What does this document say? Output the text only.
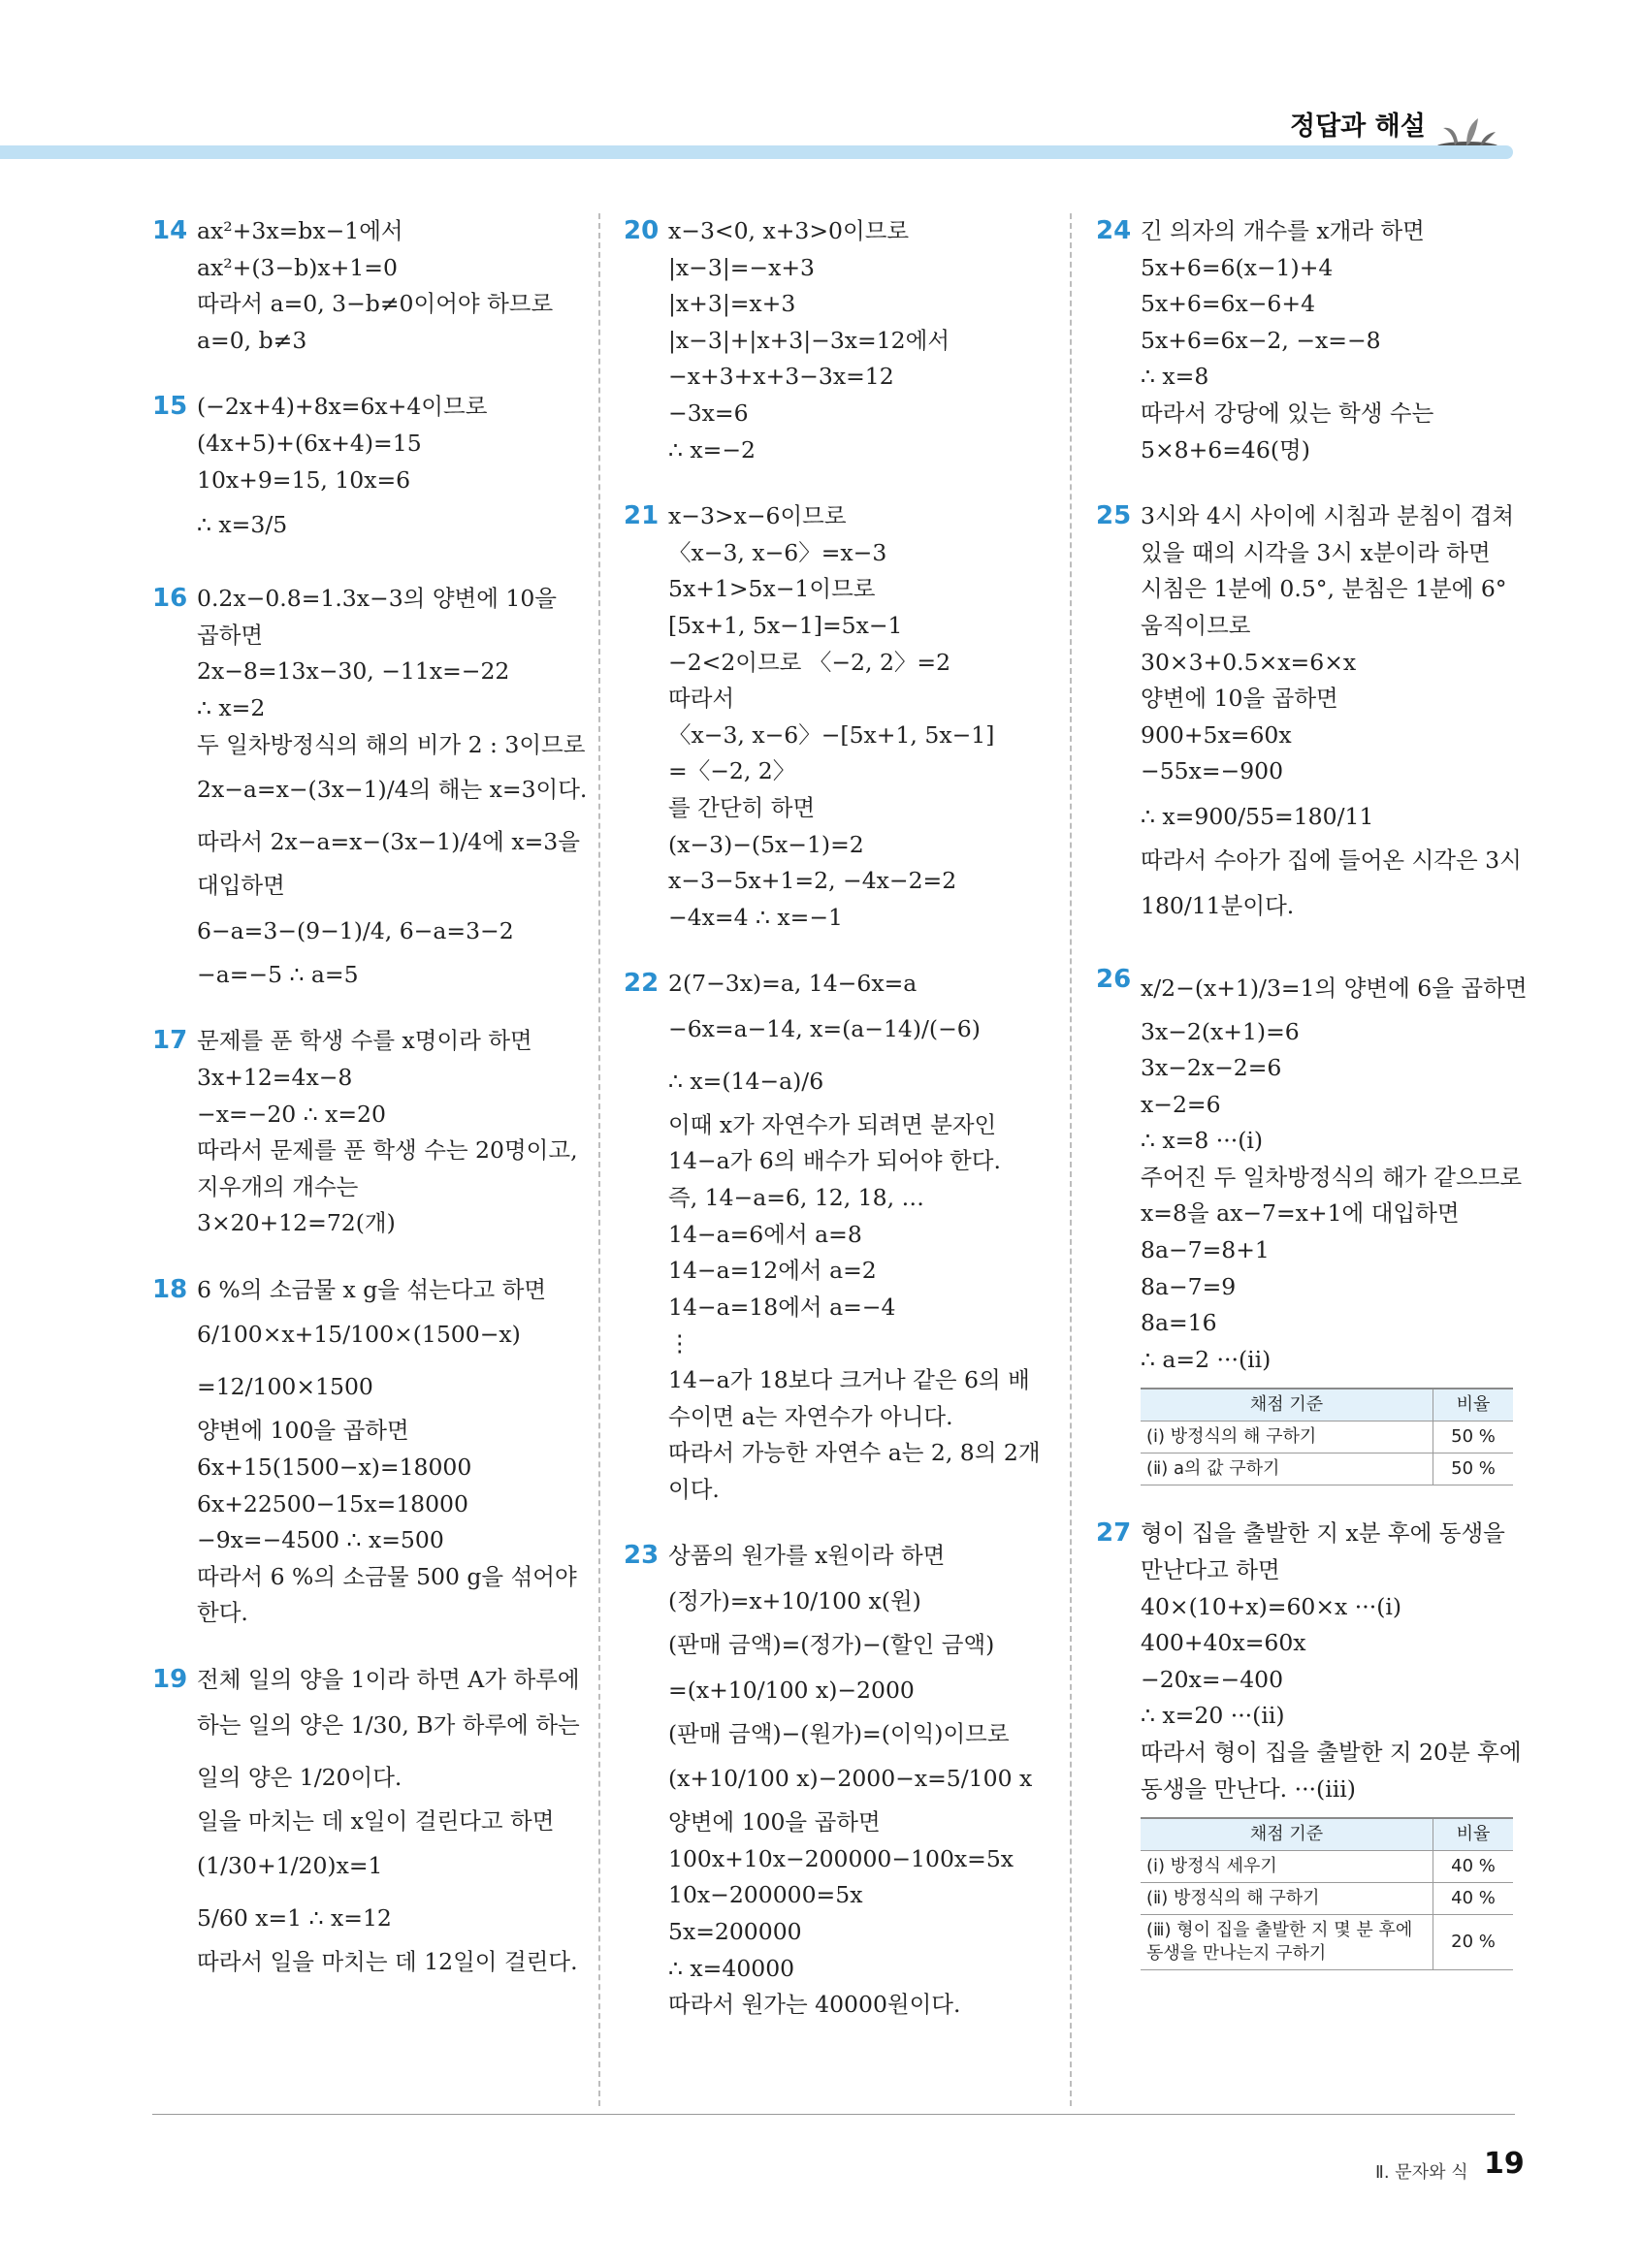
정답과 해설
14 ax²+3x=bx−1에서
ax²+(3−b)x+1=0
따라서 a=0, 3−b≠0이어야 하므로
a=0, b≠3
15 (−2x+4)+8x=6x+4이므로
(4x+5)+(6x+4)=15
10x+9=15, 10x=6
∴ x=3/5
16 0.2x−0.8=1.3x−3의 양변에 10을
곱하면
2x−8=13x−30, −11x=−22
∴ x=2
두 일차방정식의 해의 비가 2 : 3이므로
2x−a=x−(3x−1)/4의 해는 x=3이다.
따라서 2x−a=x−(3x−1)/4에 x=3을
대입하면
6−a=3−(9−1)/4, 6−a=3−2
−a=−5 ∴ a=5
17 문제를 푼 학생 수를 x명이라 하면
3x+12=4x−8
−x=−20 ∴ x=20
따라서 문제를 푼 학생 수는 20명이고,
지우개의 개수는
3×20+12=72(개)
18 6 %의 소금물 x g을 섞는다고 하면
6/100×x+15/100×(1500−x)
=12/100×1500
양변에 100을 곱하면
6x+15(1500−x)=18000
6x+22500−15x=18000
−9x=−4500 ∴ x=500
따라서 6 %의 소금물 500 g을 섞어야
한다.
19 전체 일의 양을 1이라 하면 A가 하루에
하는 일의 양은 1/30, B가 하루에 하는
일의 양은 1/20이다.
일을 마치는 데 x일이 걸린다고 하면
(1/30+1/20)x=1
5/60 x=1 ∴ x=12
따라서 일을 마치는 데 12일이 걸린다.
20 x−3<0, x+3>0이므로
|x−3|=−x+3
|x+3|=x+3
|x−3|+|x+3|−3x=12에서
−x+3+x+3−3x=12
−3x=6
∴ x=−2
21 x−3>x−6이므로
〈x−3, x−6〉=x−3
5x+1>5x−1이므로
[5x+1, 5x−1]=5x−1
−2<2이므로 〈−2, 2〉=2
따라서
〈x−3, x−6〉−[5x+1, 5x−1]
=〈−2, 2〉
를 간단히 하면
(x−3)−(5x−1)=2
x−3−5x+1=2, −4x−2=2
−4x=4 ∴ x=−1
22 2(7−3x)=a, 14−6x=a
−6x=a−14, x=(a−14)/(−6)
∴ x=(14−a)/6
이때 x가 자연수가 되려면 분자인
14−a가 6의 배수가 되어야 한다.
즉, 14−a=6, 12, 18, …
14−a=6에서 a=8
14−a=12에서 a=2
14−a=18에서 a=−4
⋮
14−a가 18보다 크거나 같은 6의 배
수이면 a는 자연수가 아니다.
따라서 가능한 자연수 a는 2, 8의 2개
이다.
23 상품의 원가를 x원이라 하면
(정가)=x+10/100 x(원)
(판매 금액)=(정가)−(할인 금액)
=(x+10/100 x)−2000
(판매 금액)−(원가)=(이익)이므로
(x+10/100 x)−2000−x=5/100 x
양변에 100을 곱하면
100x+10x−200000−100x=5x
10x−200000=5x
5x=200000
∴ x=40000
따라서 원가는 40000원이다.
24 긴 의자의 개수를 x개라 하면
5x+6=6(x−1)+4
5x+6=6x−6+4
5x+6=6x−2, −x=−8
∴ x=8
따라서 강당에 있는 학생 수는
5×8+6=46(명)
25 3시와 4시 사이에 시침과 분침이 겹쳐
있을 때의 시각을 3시 x분이라 하면
시침은 1분에 0.5°, 분침은 1분에 6°
움직이므로
30×3+0.5×x=6×x
양변에 10을 곱하면
900+5x=60x
−55x=−900
∴ x=900/55=180/11
따라서 수아가 집에 들어온 시각은 3시
180/11분이다.
26 x/2−(x+1)/3=1의 양변에 6을 곱하면
3x−2(x+1)=6
3x−2x−2=6
x−2=6
∴ x=8 ···(ⅰ)
주어진 두 일차방정식의 해가 같으므로
x=8을 ax−7=x+1에 대입하면
8a−7=8+1
8a−7=9
8a=16
∴ a=2 ···(ⅱ)
채점 기준	비율
(ⅰ) 방정식의 해 구하기	50 %
(ⅱ) a의 값 구하기	50 %
27 형이 집을 출발한 지 x분 후에 동생을
만난다고 하면
40×(10+x)=60×x ···(ⅰ)
400+40x=60x
−20x=−400
∴ x=20 ···(ⅱ)
따라서 형이 집을 출발한 지 20분 후에
동생을 만난다. ···(ⅲ)
채점 기준	비율
(ⅰ) 방정식 세우기	40 %
(ⅱ) 방정식의 해 구하기	40 %
(ⅲ) 형이 집을 출발한 지 몇 분 후에 동생을 만나는지 구하기	20 %
Ⅱ. 문자와 식 19
